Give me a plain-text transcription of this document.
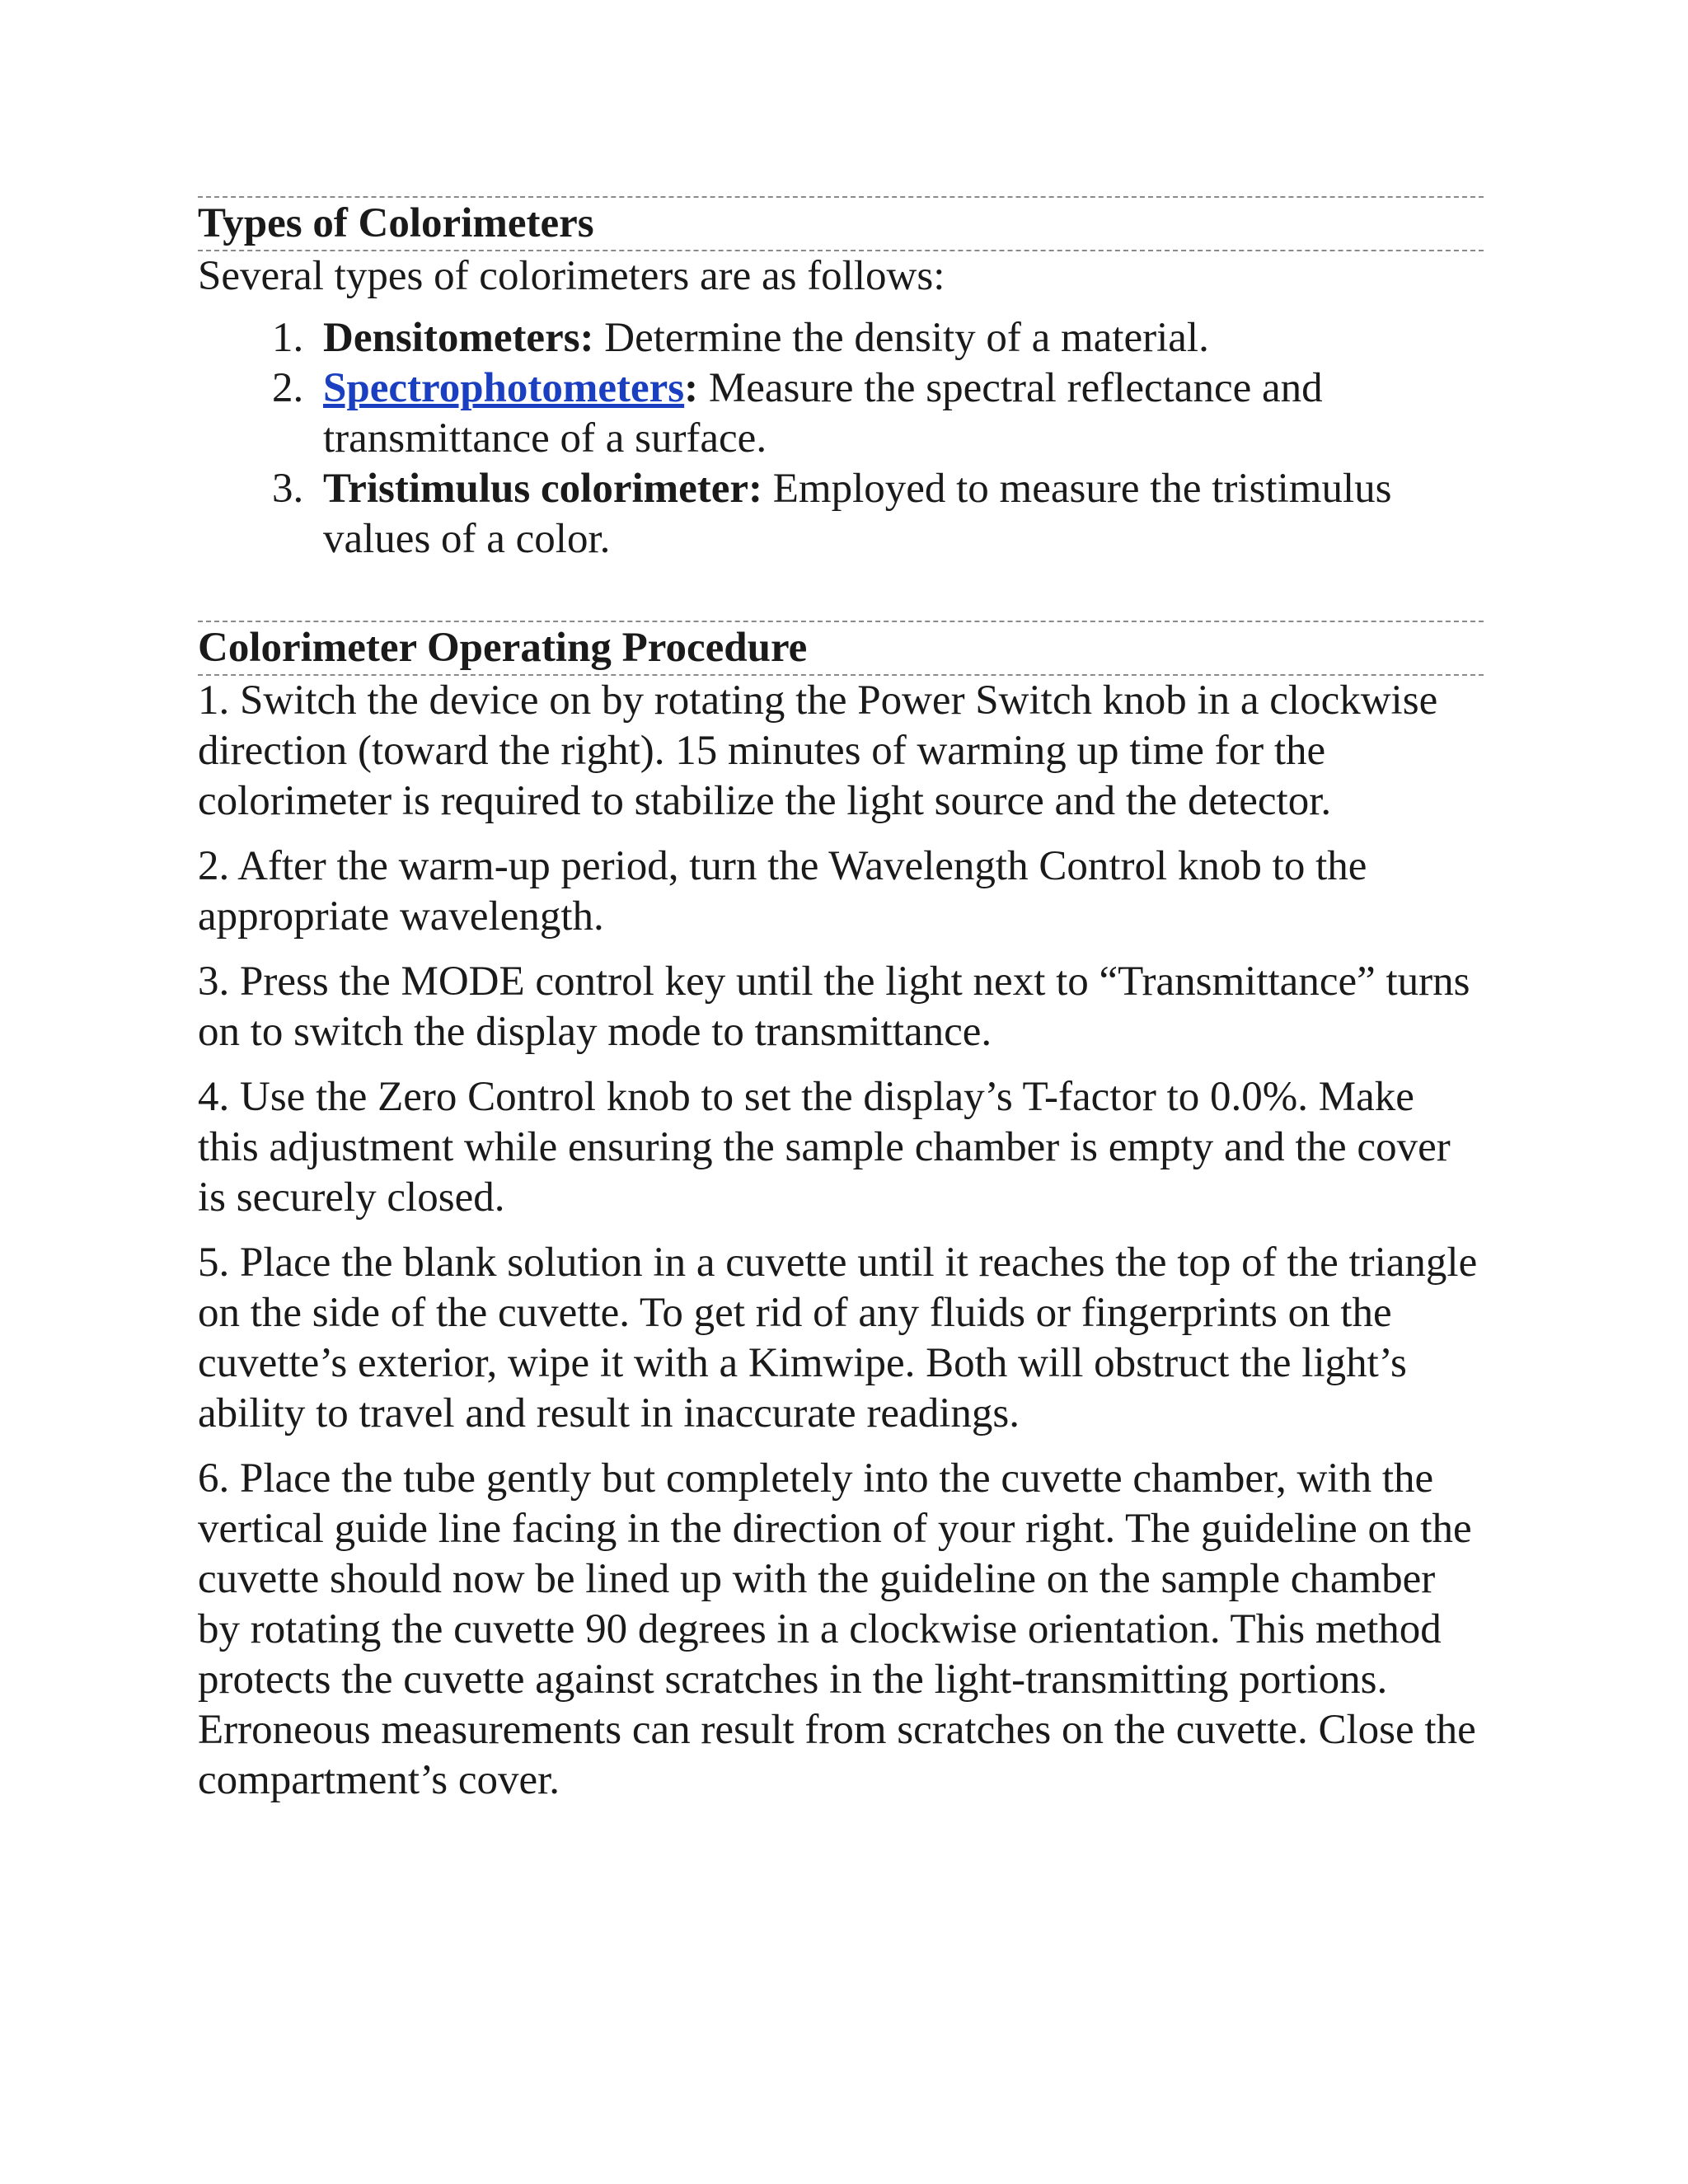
Types of Colorimeters

Several types of colorimeters are as follows:

1. Densitometers: Determine the density of a material.
2. Spectrophotometers: Measure the spectral reflectance and transmittance of a surface.
3. Tristimulus colorimeter: Employed to measure the tristimulus values of a color.
Colorimeter Operating Procedure

1. Switch the device on by rotating the Power Switch knob in a clockwise direction (toward the right). 15 minutes of warming up time for the colorimeter is required to stabilize the light source and the detector.

2. After the warm-up period, turn the Wavelength Control knob to the appropriate wavelength.

3. Press the MODE control key until the light next to “Transmittance” turns on to switch the display mode to transmittance.

4. Use the Zero Control knob to set the display’s T-factor to 0.0%. Make this adjustment while ensuring the sample chamber is empty and the cover is securely closed.

5. Place the blank solution in a cuvette until it reaches the top of the triangle on the side of the cuvette. To get rid of any fluids or fingerprints on the cuvette’s exterior, wipe it with a Kimwipe. Both will obstruct the light’s ability to travel and result in inaccurate readings.

6. Place the tube gently but completely into the cuvette chamber, with the vertical guide line facing in the direction of your right. The guideline on the cuvette should now be lined up with the guideline on the sample chamber by rotating the cuvette 90 degrees in a clockwise orientation. This method protects the cuvette against scratches in the light-transmitting portions. Erroneous measurements can result from scratches on the cuvette. Close the compartment’s cover.
